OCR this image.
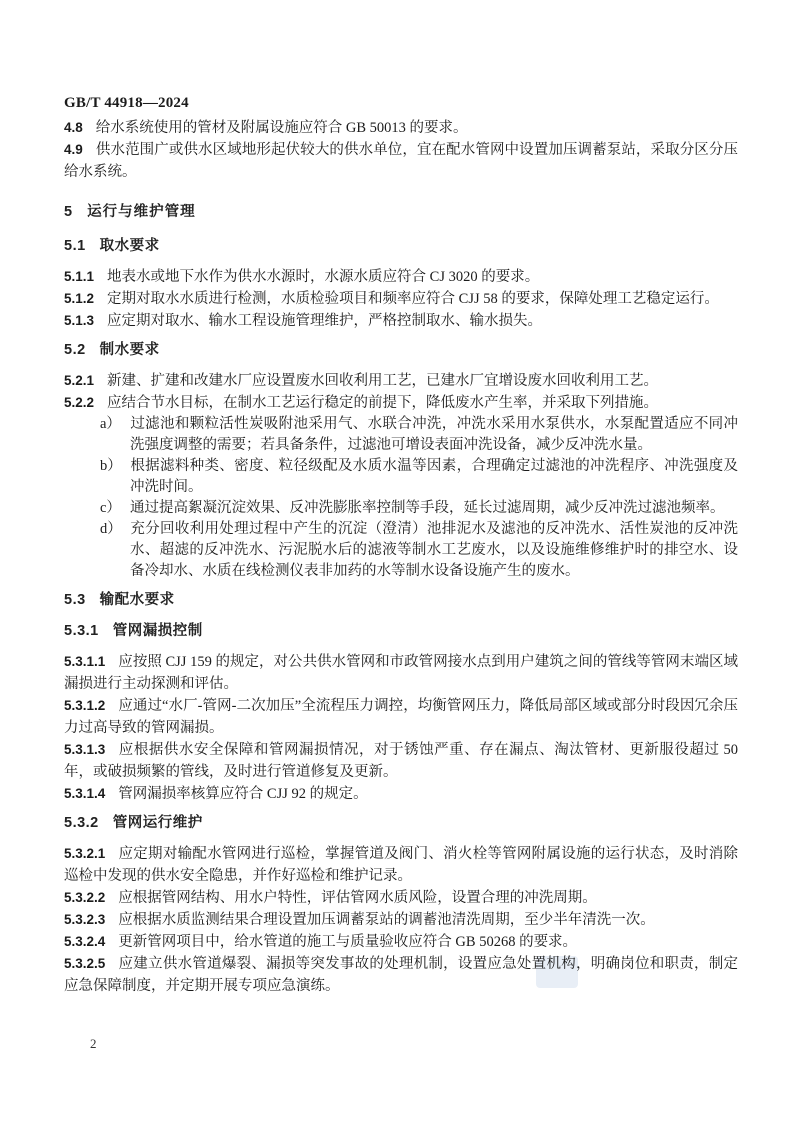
GB/T 44918—2024

4.8 给水系统使用的管材及附属设施应符合 GB 50013 的要求。

4.9 供水范围广或供水区域地形起伏较大的供水单位，宜在配水管网中设置加压调蓄泵站，采取分区分压给水系统。

5 运行与维护管理
5.1 取水要求

5.1.1 地表水或地下水作为供水水源时，水源水质应符合 CJ 3020 的要求。

5.1.2 定期对取水水质进行检测，水质检验项目和频率应符合 CJJ 58 的要求，保障处理工艺稳定运行。

5.1.3 应定期对取水、输水工程设施管理维护，严格控制取水、输水损失。

5.2 制水要求

5.2.1 新建、扩建和改建水厂应设置废水回收利用工艺，已建水厂宜增设废水回收利用工艺。

5.2.2 应结合节水目标，在制水工艺运行稳定的前提下，降低废水产生率，并采取下列措施。

a） 过滤池和颗粒活性炭吸附池采用气、水联合冲洗，冲洗水采用水泵供水，水泵配置适应不同冲洗强度调整的需要；若具备条件，过滤池可增设表面冲洗设备，减少反冲洗水量。

b） 根据滤料种类、密度、粒径级配及水质水温等因素，合理确定过滤池的冲洗程序、冲洗强度及冲洗时间。

c） 通过提高絮凝沉淀效果、反冲洗膨胀率控制等手段，延长过滤周期，减少反冲洗过滤池频率。

d） 充分回收利用处理过程中产生的沉淀（澄清）池排泥水及滤池的反冲洗水、活性炭池的反冲洗水、超滤的反冲洗水、污泥脱水后的滤液等制水工艺废水，以及设施维修维护时的排空水、设备冷却水、水质在线检测仪表非加药的水等制水设备设施产生的废水。

5.3 输配水要求
5.3.1 管网漏损控制

5.3.1.1 应按照 CJJ 159 的规定，对公共供水管网和市政管网接水点到用户建筑之间的管线等管网末端区域漏损进行主动探测和评估。

5.3.1.2 应通过“水厂-管网-二次加压”全流程压力调控，均衡管网压力，降低局部区域或部分时段因冗余压力过高导致的管网漏损。

5.3.1.3 应根据供水安全保障和管网漏损情况，对于锈蚀严重、存在漏点、淘汰管材、更新服役超过 50 年，或破损频繁的管线，及时进行管道修复及更新。

5.3.1.4 管网漏损率核算应符合 CJJ 92 的规定。

5.3.2 管网运行维护

5.3.2.1 应定期对输配水管网进行巡检，掌握管道及阀门、消火栓等管网附属设施的运行状态，及时消除巡检中发现的供水安全隐患，并作好巡检和维护记录。

5.3.2.2 应根据管网结构、用水户特性，评估管网水质风险，设置合理的冲洗周期。

5.3.2.3 应根据水质监测结果合理设置加压调蓄泵站的调蓄池清洗周期，至少半年清洗一次。

5.3.2.4 更新管网项目中，给水管道的施工与质量验收应符合 GB 50268 的要求。

5.3.2.5 应建立供水管道爆裂、漏损等突发事故的处理机制，设置应急处置机构，明确岗位和职责，制定应急保障制度，并定期开展专项应急演练。

2
